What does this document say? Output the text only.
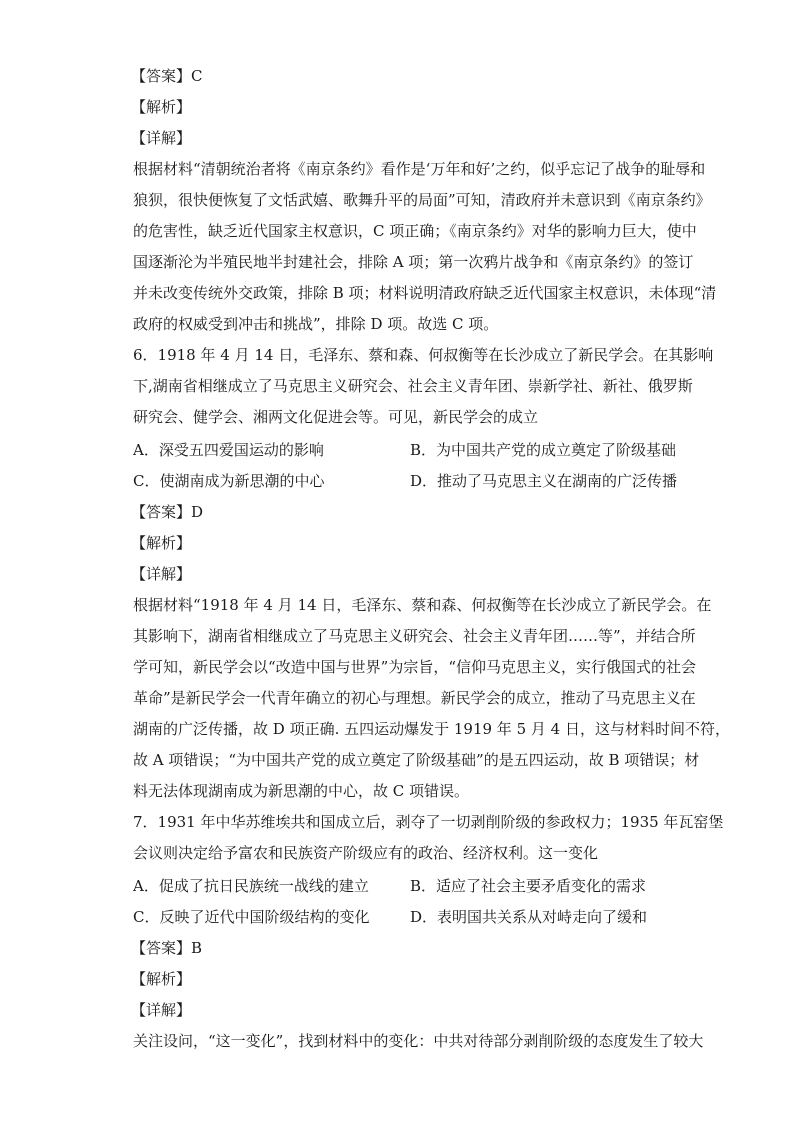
【答案】C
【解析】
【详解】
根据材料“清朝统治者将《南京条约》看作是‘万年和好’之约，似乎忘记了战争的耻辱和
狼狈，很快便恢复了文恬武嬉、歌舞升平的局面”可知，清政府并未意识到《南京条约》
的危害性，缺乏近代国家主权意识，C 项正确；《南京条约》对华的影响力巨大，使中
国逐渐沦为半殖民地半封建社会，排除 A 项；第一次鸦片战争和《南京条约》的签订
并未改变传统外交政策，排除 B 项；材料说明清政府缺乏近代国家主权意识，未体现“清
政府的权威受到冲击和挑战”，排除 D 项。故选 C 项。
6．1918 年 4 月 14 日，毛泽东、蔡和森、何叔衡等在长沙成立了新民学会。在其影响
下,湖南省相继成立了马克思主义研究会、社会主义青年团、崇新学社、新社、俄罗斯
研究会、健学会、湘两文化促进会等。可见，新民学会的成立
A．深受五四爱国运动的影响	B．为中国共产党的成立奠定了阶级基础
C．使湖南成为新思潮的中心	D．推动了马克思主义在湖南的广泛传播
【答案】D
【解析】
【详解】
根据材料“1918 年 4 月 14 日，毛泽东、蔡和森、何叔衡等在长沙成立了新民学会。在
其影响下，湖南省相继成立了马克思主义研究会、社会主义青年团……等”，并结合所
学可知，新民学会以“改造中国与世界”为宗旨，“信仰马克思主义，实行俄国式的社会
革命”是新民学会一代青年确立的初心与理想。新民学会的成立，推动了马克思主义在
湖南的广泛传播，故 D 项正确. 五四运动爆发于 1919 年 5 月 4 日，这与材料时间不符，
故 A 项错误；“为中国共产党的成立奠定了阶级基础”的是五四运动，故 B 项错误；材
料无法体现湖南成为新思潮的中心，故 C 项错误。
7．1931 年中华苏维埃共和国成立后，剥夺了一切剥削阶级的参政权力；1935 年瓦窑堡
会议则决定给予富农和民族资产阶级应有的政治、经济权利。这一变化
A．促成了抗日民族统一战线的建立	B．适应了社会主要矛盾变化的需求
C．反映了近代中国阶级结构的变化	D．表明国共关系从对峙走向了缓和
【答案】B
【解析】
【详解】
关注设问，“这一变化”，找到材料中的变化：中共对待部分剥削阶级的态度发生了较大
